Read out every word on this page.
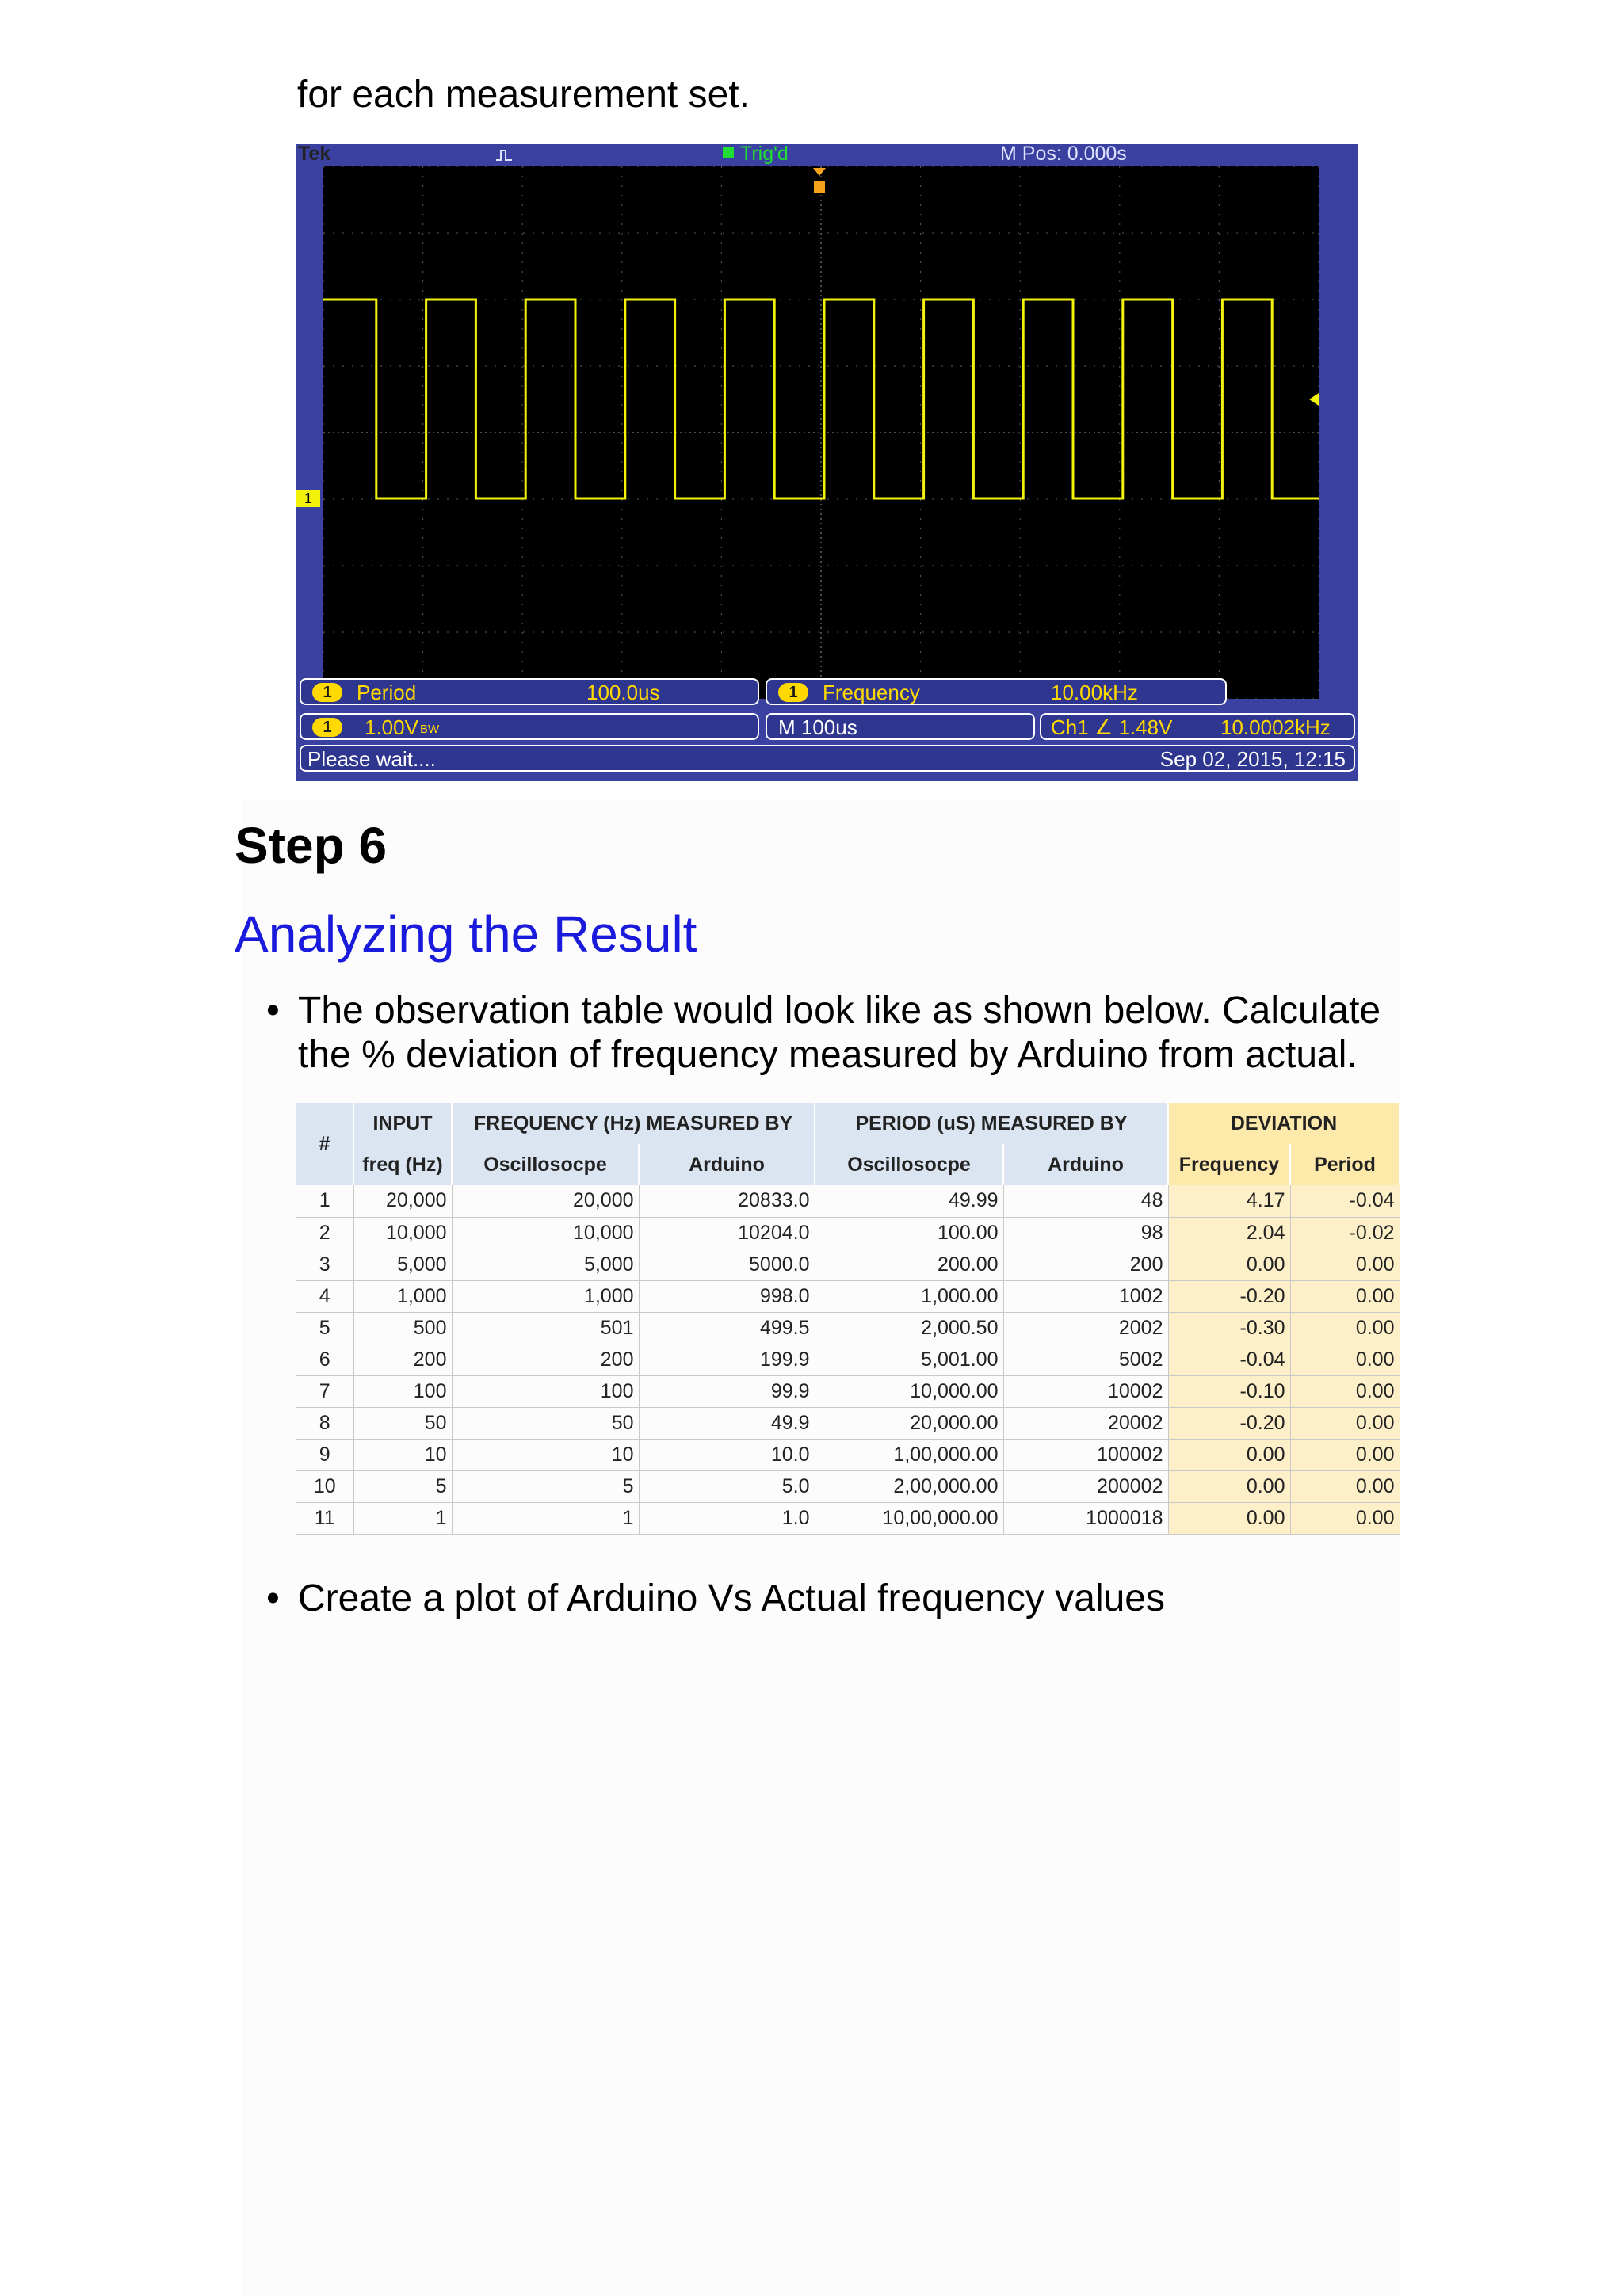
for each measurement set.
1
Tek	Trig'd	M Pos: 0.000s
1	Period	100.0us	1	Frequency	10.00kHz
1	1.00V BW	M 100us	Ch1 ∠ 1.48V 10.0002kHz
Please wait....	Sep 02, 2015, 12:15
Step 6
Analyzing the Result
• The observation table would look like as shown below. Calculate the % deviation of frequency measured by Arduino from actual.
#	INPUT	FREQUENCY (Hz) MEASURED BY		PERIOD (uS) MEASURED BY		DEVIATION	
	freq (Hz)	Oscillosocpe	Arduino	Oscillosocpe	Arduino	Frequency	Period
1	20,000	20,000	20833.0	49.99	48	4.17	-0.04
2	10,000	10,000	10204.0	100.00	98	2.04	-0.02
3	5,000	5,000	5000.0	200.00	200	0.00	0.00
4	1,000	1,000	998.0	1,000.00	1002	-0.20	0.00
5	500	501	499.5	2,000.50	2002	-0.30	0.00
6	200	200	199.9	5,001.00	5002	-0.04	0.00
7	100	100	99.9	10,000.00	10002	-0.10	0.00
8	50	50	49.9	20,000.00	20002	-0.20	0.00
9	10	10	10.0	1,00,000.00	100002	0.00	0.00
10	5	5	5.0	2,00,000.00	200002	0.00	0.00
11	1	1	1.0	10,00,000.00	1000018	0.00	0.00
• Create a plot of Arduino Vs Actual frequency values
